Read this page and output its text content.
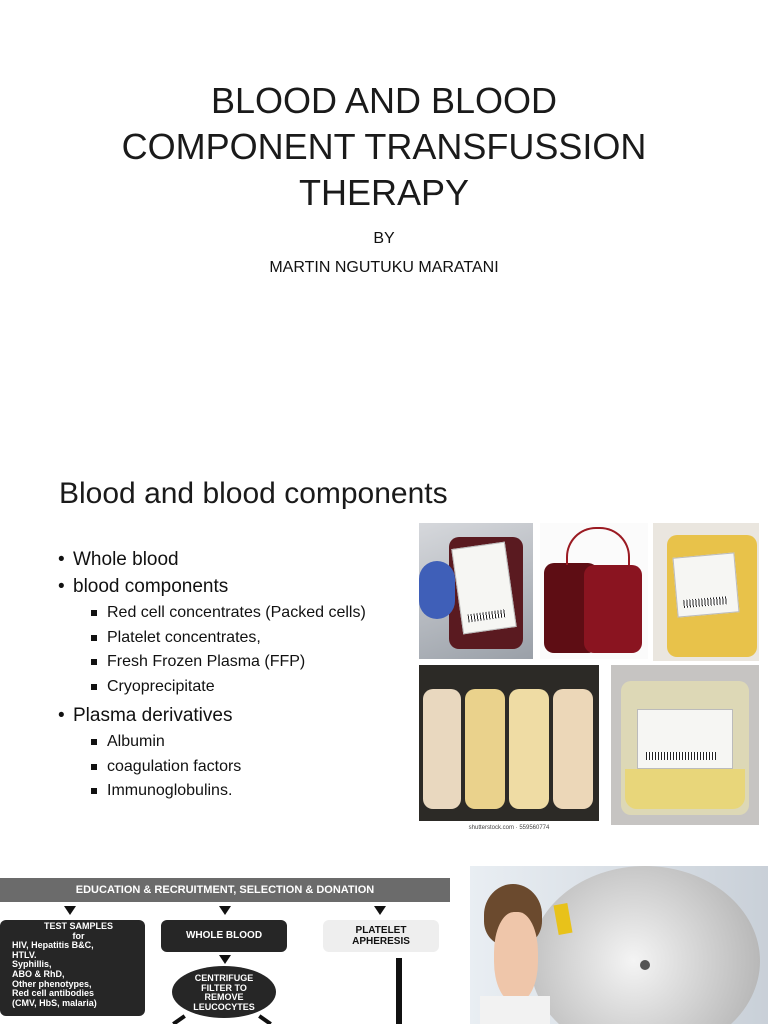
BLOOD AND BLOOD
COMPONENT TRANSFUSSION
THERAPY
BY
MARTIN NGUTUKU MARATANI
Blood and blood components
• Whole blood
• blood components
Red cell concentrates (Packed cells)
Platelet concentrates,
Fresh Frozen Plasma (FFP)
Cryoprecipitate
• Plasma derivatives
Albumin
coagulation factors
Immunoglobulins.
shutterstock.com · 559560774
EDUCATION & RECRUITMENT, SELECTION & DONATION
TEST SAMPLES
for
HIV, Hepatitis B&C,
HTLV.
Syphillis,
ABO & RhD,
Other phenotypes,
Red cell antibodies
(CMV, HbS, malaria)
WHOLE BLOOD	PLATELET
APHERESIS
CENTRIFUGE
FILTER TO
REMOVE
LEUCOCYTES
